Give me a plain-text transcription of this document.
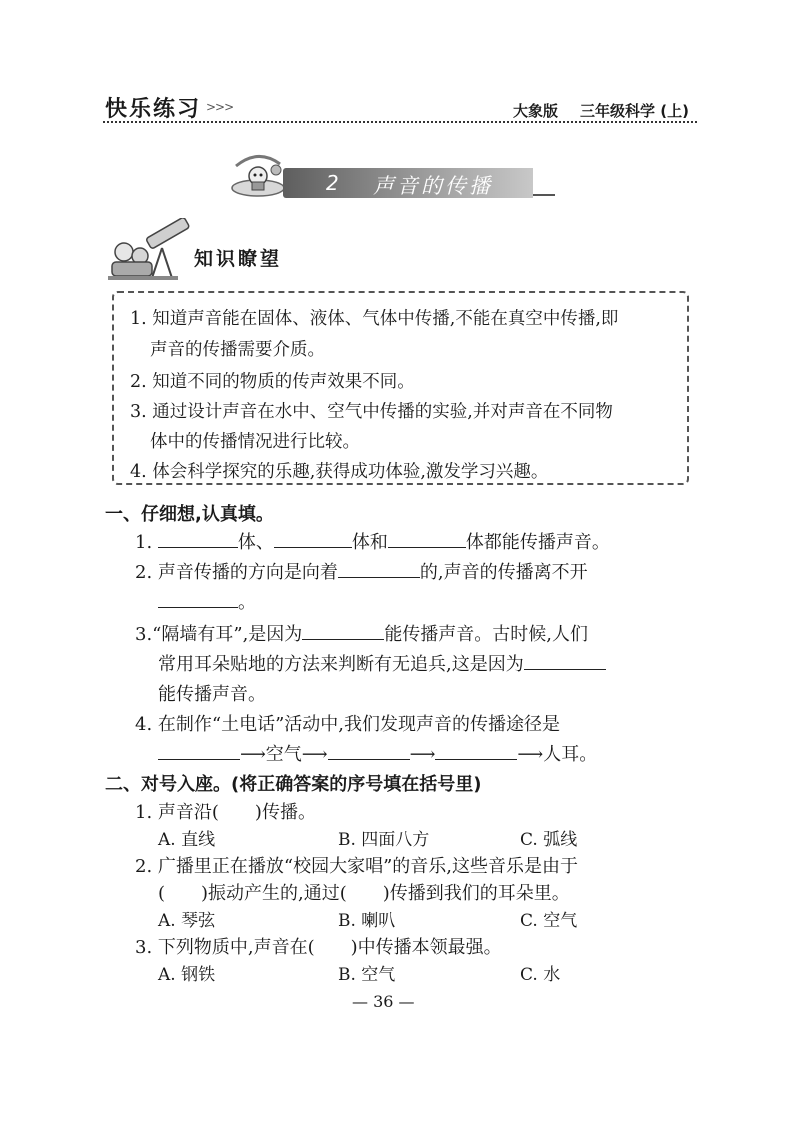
快乐练习 >>>	大象版 三年级科学 (上)
2 声音的传播
知识瞭望
1. 知道声音能在固体、液体、气体中传播,不能在真空中传播,即
声音的传播需要介质。
2. 知道不同的物质的传声效果不同。
3. 通过设计声音在水中、空气中传播的实验,并对声音在不同物
体中的传播情况进行比较。
4. 体会科学探究的乐趣,获得成功体验,激发学习兴趣。
一、仔细想,认真填。
1.	体、	体和	体都能传播声音。
2. 声音传播的方向是向着	的,声音的传播离不开
。
3.“隔墙有耳”,是因为	能传播声音。古时候,人们
常用耳朵贴地的方法来判断有无追兵,这是因为
能传播声音。
4. 在制作“土电话”活动中,我们发现声音的传播途径是
⟶空气⟶	⟶	⟶人耳。
二、对号入座。(将正确答案的序号填在括号里)
1. 声音沿(　　)传播。
A. 直线	B. 四面八方	C. 弧线
2. 广播里正在播放“校园大家唱”的音乐,这些音乐是由于
(　　)振动产生的,通过(　　)传播到我们的耳朵里。
A. 琴弦	B. 喇叭	C. 空气
3. 下列物质中,声音在(　　)中传播本领最强。
A. 钢铁	B. 空气	C. 水
— 36 —
